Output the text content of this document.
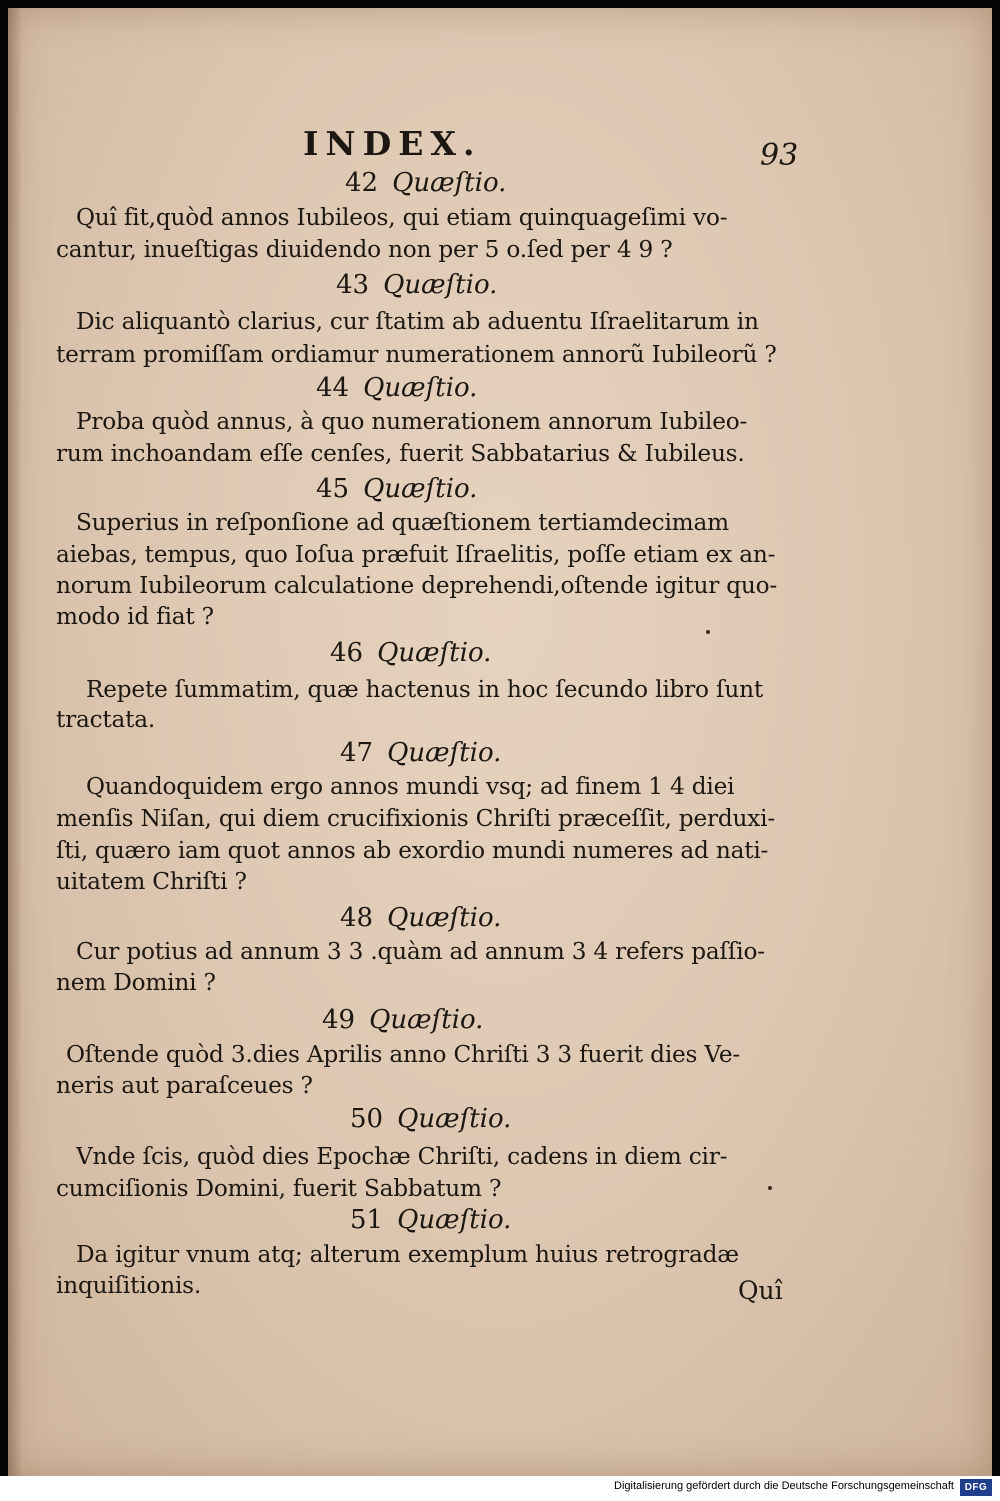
INDEX.	93
42 Quæſtio.
Quî fit,quòd annos Iubileos, qui etiam quinquageſimi vo-
cantur, inueſtigas diuidendo non per 5 o.ſed per 4 9 ?
43 Quæſtio.
Dic aliquantò clarius, cur ſtatim ab aduentu Iſraelitarum in
terram promiſſam ordiamur numerationem annorũ Iubileorũ ?
44 Quæſtio.
Proba quòd annus, à quo numerationem annorum Iubileo-
rum inchoandam eſſe cenſes, fuerit Sabbatarius & Iubileus.
45 Quæſtio.
Superius in reſponſione ad quæſtionem tertiamdecimam
aiebas, tempus, quo Ioſua præfuit Iſraelitis, poſſe etiam ex an-
norum Iubileorum calculatione deprehendi,oſtende igitur quo-
modo id fiat ?
46 Quæſtio.
Repete ſummatim, quæ hactenus in hoc ſecundo libro ſunt
tractata.
47 Quæſtio.
Quandoquidem ergo annos mundi vsq; ad finem 1 4 diei
menſis Niſan, qui diem crucifixionis Chriſti præceſſit, perduxi-
ſti, quæro iam quot annos ab exordio mundi numeres ad nati-
uitatem Chriſti ?
48 Quæſtio.
Cur potius ad annum 3 3 .quàm ad annum 3 4 refers paſſio-
nem Domini ?
49 Quæſtio.
Oſtende quòd 3.dies Aprilis anno Chriſti 3 3 fuerit dies Ve-
neris aut paraſceues ?
50 Quæſtio.
Vnde ſcis, quòd dies Epochæ Chriſti, cadens in diem cir-
cumciſionis Domini, fuerit Sabbatum ?
51 Quæſtio.
Da igitur vnum atq; alterum exemplum huius retrogradæ
inquiſitionis.	Quî
Digitalisierung gefördert durch die Deutsche Forschungsgemeinschaft	DFG
